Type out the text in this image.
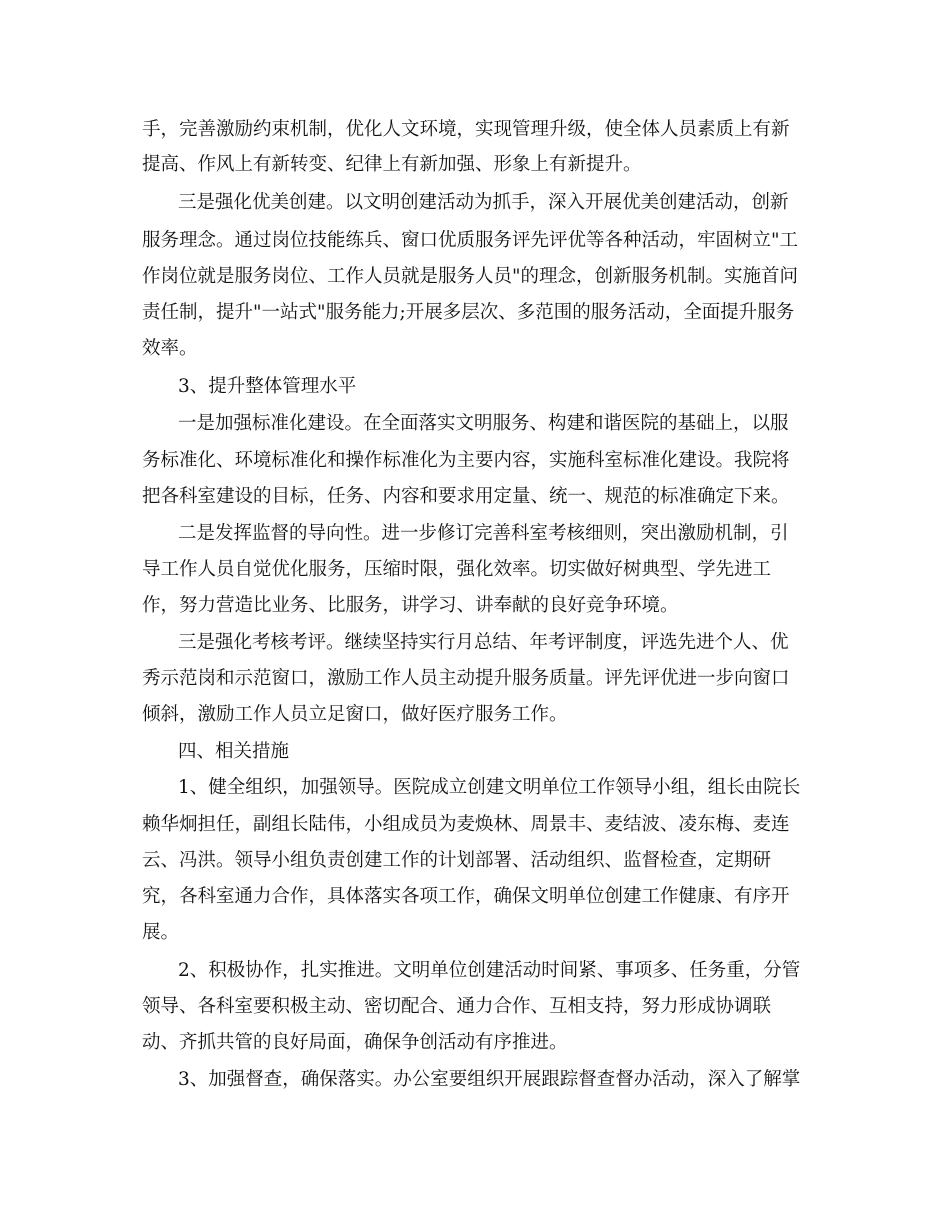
手，完善激励约束机制，优化人文环境，实现管理升级，使全体人员素质上有新

提高、作风上有新转变、纪律上有新加强、形象上有新提升。

三是强化优美创建。以文明创建活动为抓手，深入开展优美创建活动，创新

服务理念。通过岗位技能练兵、窗口优质服务评先评优等各种活动，牢固树立"工

作岗位就是服务岗位、工作人员就是服务人员"的理念，创新服务机制。实施首问

责任制，提升"一站式"服务能力;开展多层次、多范围的服务活动，全面提升服务

效率。

3、提升整体管理水平

一是加强标准化建设。在全面落实文明服务、构建和谐医院的基础上，以服

务标准化、环境标准化和操作标准化为主要内容，实施科室标准化建设。我院将

把各科室建设的目标，任务、内容和要求用定量、统一、规范的标准确定下来。

二是发挥监督的导向性。进一步修订完善科室考核细则，突出激励机制，引

导工作人员自觉优化服务，压缩时限，强化效率。切实做好树典型、学先进工

作，努力营造比业务、比服务，讲学习、讲奉献的良好竞争环境。

三是强化考核考评。继续坚持实行月总结、年考评制度，评选先进个人、优

秀示范岗和示范窗口，激励工作人员主动提升服务质量。评先评优进一步向窗口

倾斜，激励工作人员立足窗口，做好医疗服务工作。

四、相关措施

1、健全组织，加强领导。医院成立创建文明单位工作领导小组，组长由院长

赖华炯担任，副组长陆伟，小组成员为麦焕林、周景丰、麦结波、凌东梅、麦连

云、冯洪。领导小组负责创建工作的计划部署、活动组织、监督检查，定期研

究，各科室通力合作，具体落实各项工作，确保文明单位创建工作健康、有序开

展。

2、积极协作，扎实推进。文明单位创建活动时间紧、事项多、任务重，分管

领导、各科室要积极主动、密切配合、通力合作、互相支持，努力形成协调联

动、齐抓共管的良好局面，确保争创活动有序推进。

3、加强督查，确保落实。办公室要组织开展跟踪督查督办活动，深入了解掌
